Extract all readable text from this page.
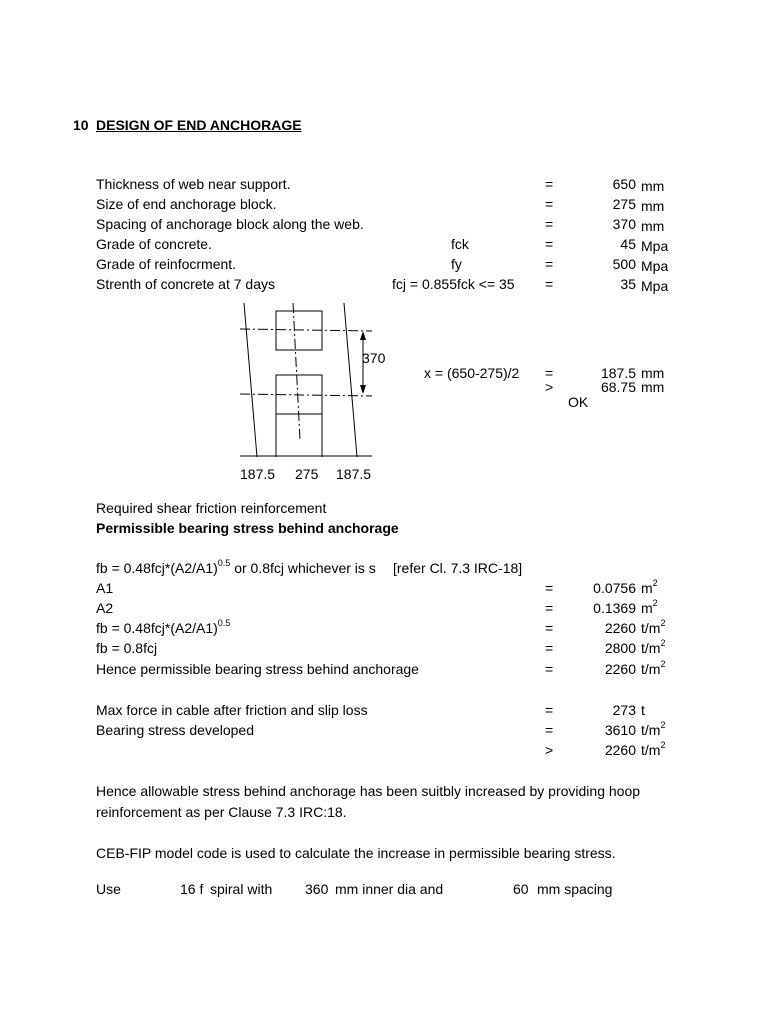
10 DESIGN OF END ANCHORAGE
Thickness of web near support.	=	650 mm
Size of end anchorage block.	=	275 mm
Spacing of anchorage block along the web.	=	370 mm
Grade of concrete.	fck	=	45 Mpa
Grade of reinfocrment.	fy	=	500 Mpa
Strenth of concrete at 7 days	fcj = 0.855fck <= 35 =	35 Mpa
370
187.5 275 187.5
x = (650-275)/2 =	187.5 mm
>	68.75 mm
OK
Required shear friction reinforcement
Permissible bearing stress behind anchorage
fb = $0.48fcj*(A2/A1)^{0.5}$ or 0.8fcj whichever is s [refer Cl. 7.3 IRC-18]
A1	=	0.0756 $m^2$
A2	=	0.1369 $m^2$
fb = $0.48fcj*(A2/A1)^{0.5}$	=	2260 $t/m^2$
fb = 0.8fcj	=	2800 $t/m^2$
Hence permissible bearing stress behind anchorage	=	2260 $t/m^2$
Max force in cable after friction and slip loss	=	273 t
Bearing stress developed	=	3610 $t/m^2$
>	2260 $t/m^2$
Hence allowable stress behind anchorage has been suitbly increased by providing hoop
reinforcement as per Clause 7.3 IRC:18.
CEB-FIP model code is used to calculate the increase in permissible bearing stress.
Use	16 f spiral with 360 mm inner dia and	60 mm spacing
